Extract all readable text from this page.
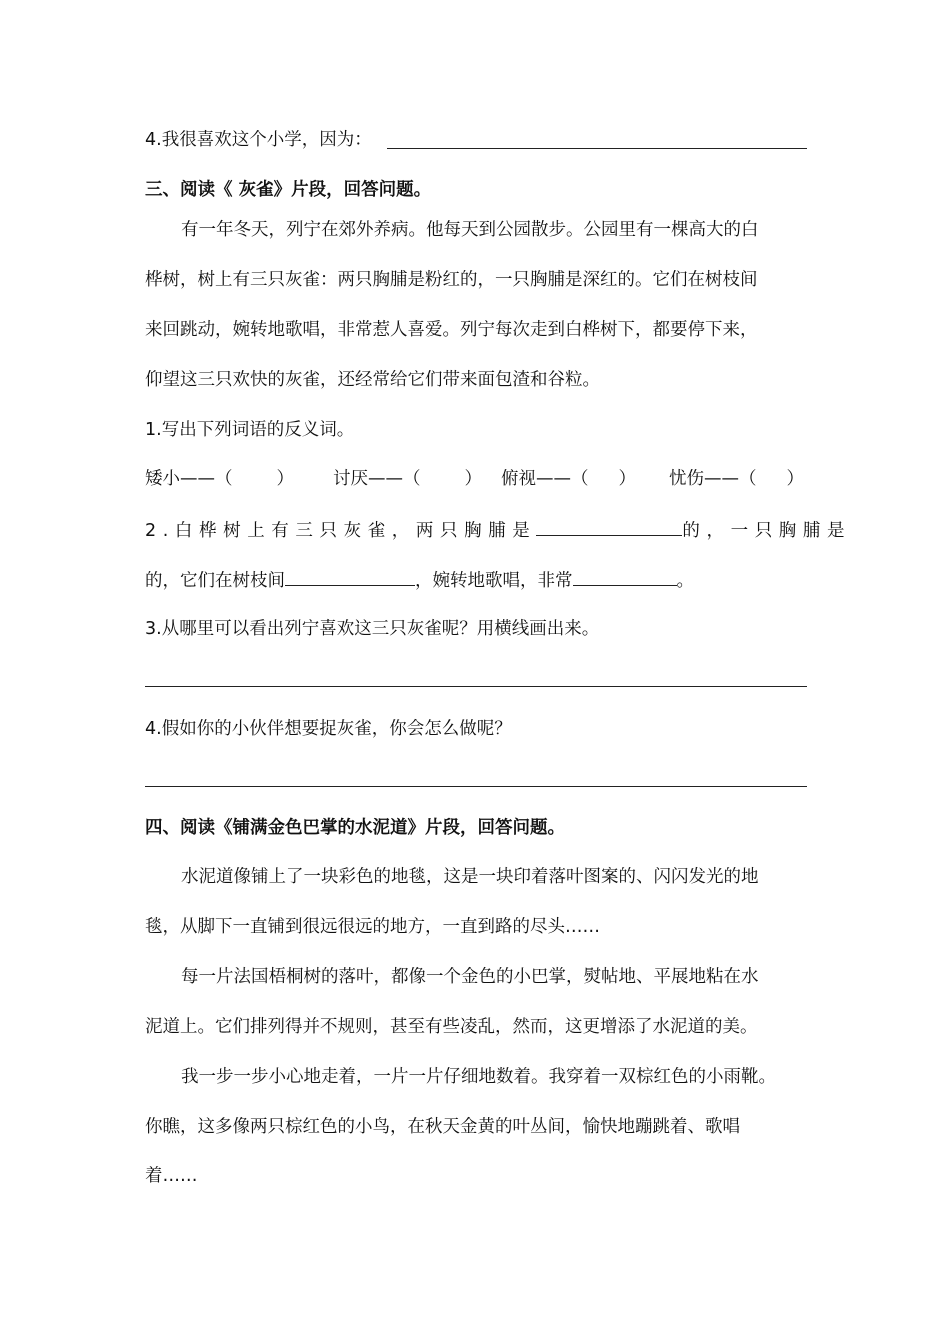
4.我很喜欢这个小学，因为：
三、阅读《 灰雀》片段，回答问题。
有一年冬天，列宁在郊外养病。他每天到公园散步。公园里有一棵高大的白
桦树，树上有三只灰雀：两只胸脯是粉红的，一只胸脯是深红的。它们在树枝间
来回跳动，婉转地歌唱，非常惹人喜爱。列宁每次走到白桦树下，都要停下来，
仰望这三只欢快的灰雀，还经常给它们带来面包渣和谷粒。
1.写出下列词语的反义词。
矮小——（	） 讨厌——（	） 俯视——（ ） 忧伤——（ ）
2.白桦树上有三只灰雀，两只胸脯是	的，一只胸脯是
的，它们在树枝间	，婉转地歌唱，非常	。
3.从哪里可以看出列宁喜欢这三只灰雀呢？用横线画出来。
4.假如你的小伙伴想要捉灰雀，你会怎么做呢？
四、阅读《铺满金色巴掌的水泥道》片段，回答问题。
水泥道像铺上了一块彩色的地毯，这是一块印着落叶图案的、闪闪发光的地
毯，从脚下一直铺到很远很远的地方，一直到路的尽头……
每一片法国梧桐树的落叶，都像一个金色的小巴掌，熨帖地、平展地粘在水
泥道上。它们排列得并不规则，甚至有些凌乱，然而，这更增添了水泥道的美。
我一步一步小心地走着，一片一片仔细地数着。我穿着一双棕红色的小雨靴。
你瞧，这多像两只棕红色的小鸟，在秋天金黄的叶丛间，愉快地蹦跳着、歌唱
着……
